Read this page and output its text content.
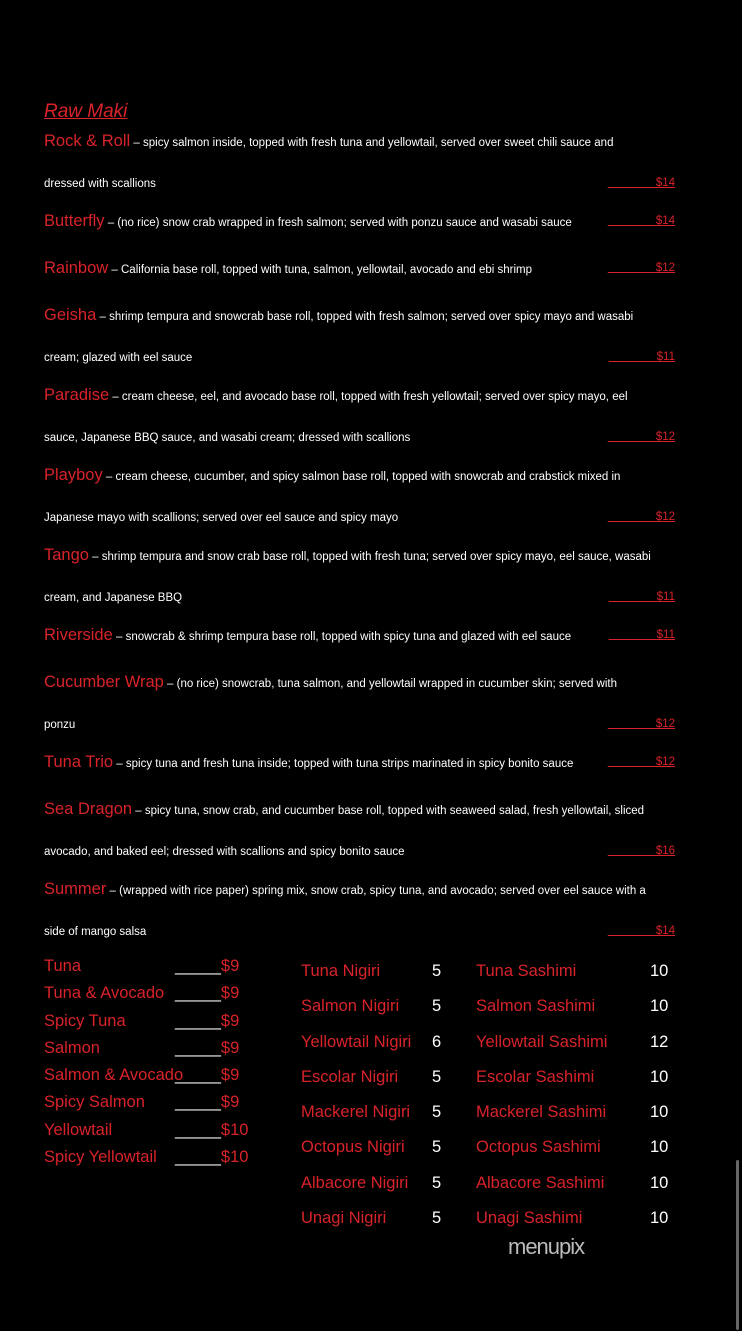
Raw Maki
Rock & Roll – spicy salmon inside, topped with fresh tuna and yellowtail, served over sweet chili sauce and
dressed with scallions	$14
Butterfly – (no rice) snow crab wrapped in fresh salmon; served with ponzu sauce and wasabi sauce	$14
Rainbow – California base roll, topped with tuna, salmon, yellowtail, avocado and ebi shrimp	$12
Geisha – shrimp tempura and snowcrab base roll, topped with fresh salmon; served over spicy mayo and wasabi
cream; glazed with eel sauce	$11
Paradise – cream cheese, eel, and avocado base roll, topped with fresh yellowtail; served over spicy mayo, eel
sauce, Japanese BBQ sauce, and wasabi cream; dressed with scallions	$12
Playboy – cream cheese, cucumber, and spicy salmon base roll, topped with snowcrab and crabstick mixed in
Japanese mayo with scallions; served over eel sauce and spicy mayo	$12
Tango – shrimp tempura and snow crab base roll, topped with fresh tuna; served over spicy mayo, eel sauce, wasabi
cream, and Japanese BBQ	$11
Riverside – snowcrab & shrimp tempura base roll, topped with spicy tuna and glazed with eel sauce	$11
Cucumber Wrap – (no rice) snowcrab, tuna salmon, and yellowtail wrapped in cucumber skin; served with
ponzu	$12
Tuna Trio – spicy tuna and fresh tuna inside; topped with tuna strips marinated in spicy bonito sauce	$12
Sea Dragon – spicy tuna, snow crab, and cucumber base roll, topped with seaweed salad, fresh yellowtail, sliced
avocado, and baked eel; dressed with scallions and spicy bonito sauce	$16
Summer – (wrapped with rice paper) spring mix, snow crab, spicy tuna, and avocado; served over eel sauce with a
side of mango salsa	$14
Tuna	_____ $9
Tuna & Avocado	_____ $9
Spicy Tuna	_____ $9
Salmon	_____ $9
Salmon & Avocado	_____ $9
Spicy Salmon	_____ $9
Yellowtail	_____ $10
Spicy Yellowtail	_____ $10
Tuna Nigiri	5 Tuna Sashimi	10
Salmon Nigiri 5 Salmon Sashimi	10
Yellowtail Nigiri 6 Yellowtail Sashimi	12
Escolar Nigiri 5 Escolar Sashimi	10
Mackerel Nigiri 5 Mackerel Sashimi	10
Octopus Nigiri 5 Octopus Sashimi	10
Albacore Nigiri 5 Albacore Sashimi	10
Unagi Nigiri	5 Unagi Sashimi	10
menupix
